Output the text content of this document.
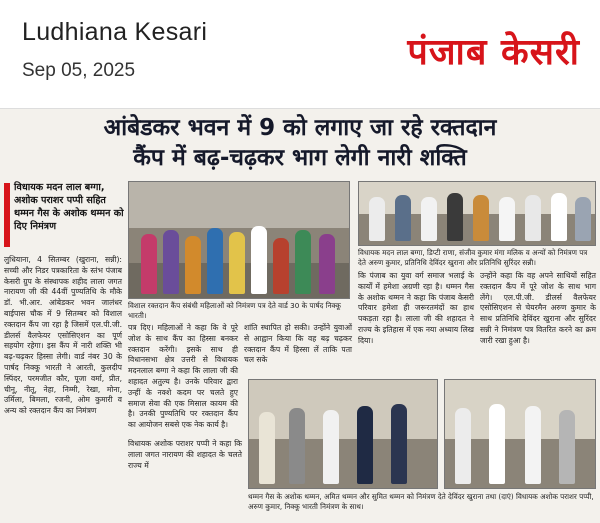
Ludhiana Kesari
Sep 05, 2025	पंजाब केसरी
आंबेडकर भवन में 9 को लगाए जा रहे रक्तदान
कैंप में बढ़-चढ़कर भाग लेगी नारी शक्ति
विधायक मदन लाल बग्गा, अशोक पराशर पप्पी सहित थम्मन गैस के अशोक थम्मन को दिए निमंत्रण
लुधियाना, 4 सितम्बर (खुराना, सन्नी): सच्ची और निडर पत्रकारिता के स्तंभ पंजाब केसरी ग्रुप के संस्थापक शहीद लाला जगत नारायण जी की 44वीं पुण्यतिथि के मौके डॉ. भी.आर. आंबेडकर भवन जालंधर बाईपास चौक में 9 सितम्बर को विशाल रक्तदान कैंप जा रहा है जिसमें एल.पी.जी. डीलर्स वैलफेयर एसोसिएशन का पूर्ण सहयोग रहेगा। इस कैंप में नारी शक्ति भी बढ़-चढ़कर हिस्सा लेगी। वार्ड नंबर 30 के पार्षद निक्कू भारती ने आरती, कुलदीप स्पिंदर, परमजीत कौर, पूजा वर्मा, प्रीत, चीनू, नीतू, नेहा, निम्मी, रेखा, मोना, उर्मिला, बिमला, रजनी, ओम कुमारी व अन्य को रक्तदान कैंप का निमंत्रण
विशाल रक्तदान कैंप संबंधी महिलाओं को निमंत्रण पत्र देते वार्ड 30 के पार्षद निक्कू भारती।
विधायक मदन लाल बग्गा, डिप्टी राणा, संजीव कुमार मंगा मलिक व अन्यों को निमंत्रण पत्र देते अरुण कुमार, प्रतिनिधि देविंदर खुराना और प्रतिनिधि सुरिंदर सन्नी।
पत्र दिए। महिलाओं ने कहा कि वे पूरे जोश के साथ कैंप का हिस्सा बनकर रक्तदान करेंगी। इसके साथ ही विधानसभा क्षेत्र उत्तरी से विधायक मदनलाल बग्गा ने कहा कि लाला जी की शहादत अतुल्य है। उनके परिवार द्वारा उन्हीं के नक्शे कदम पर चलते हुए समाज सेवा की एक मिसाल कायम की है। उनकी पुण्यतिथि पर रक्तदान कैंप का आयोजन सबसे एक नेक कार्य है।
शांति स्थापित हो सकी। उन्होंने युवाओं से आह्वान किया कि वह बढ़ चढ़कर रक्तदान कैंप में हिस्सा लें ताकि पता चल सके
कि पंजाब का युवा वर्ग समाज भलाई के कार्यों में हमेशा अग्रणी रहा है। थम्मन गैस के अशोक थम्मन ने कहा कि पंजाब केसरी परिवार हमेशा ही जरूरतमंदों का हाथ पकड़ता रहा है। लाला जी की शहादत ने राज्य के इतिहास में एक नया अध्याय लिख दिया।
उन्होंने कहा कि वह अपने साथियों सहित रक्तदान कैंप में पूरे जोश के साथ भाग लेंगे। एल.पी.जी. डीलर्स वैलफेयर एसोसिएशन से चेयरमैन अरुण कुमार के साथ प्रतिनिधि देविंदर खुराना और सुरिंदर सन्नी ने निमंत्रण पत्र वितरित करने का क्रम जारी रखा हुआ है।
थम्मन गैस के अशोक थम्मन, अमित थम्मन और सुमित थम्मन को निमंत्रण देते देविंदर खुराना तथा (दाएं) विधायक अशोक पराशर पप्पी, अरुण कुमार, निक्कू भारती निमंत्रण के साथ।
विधायक अशोक पराशर पप्पी ने कहा कि लाला जगत नारायण की शहादत के चलते राज्य में
